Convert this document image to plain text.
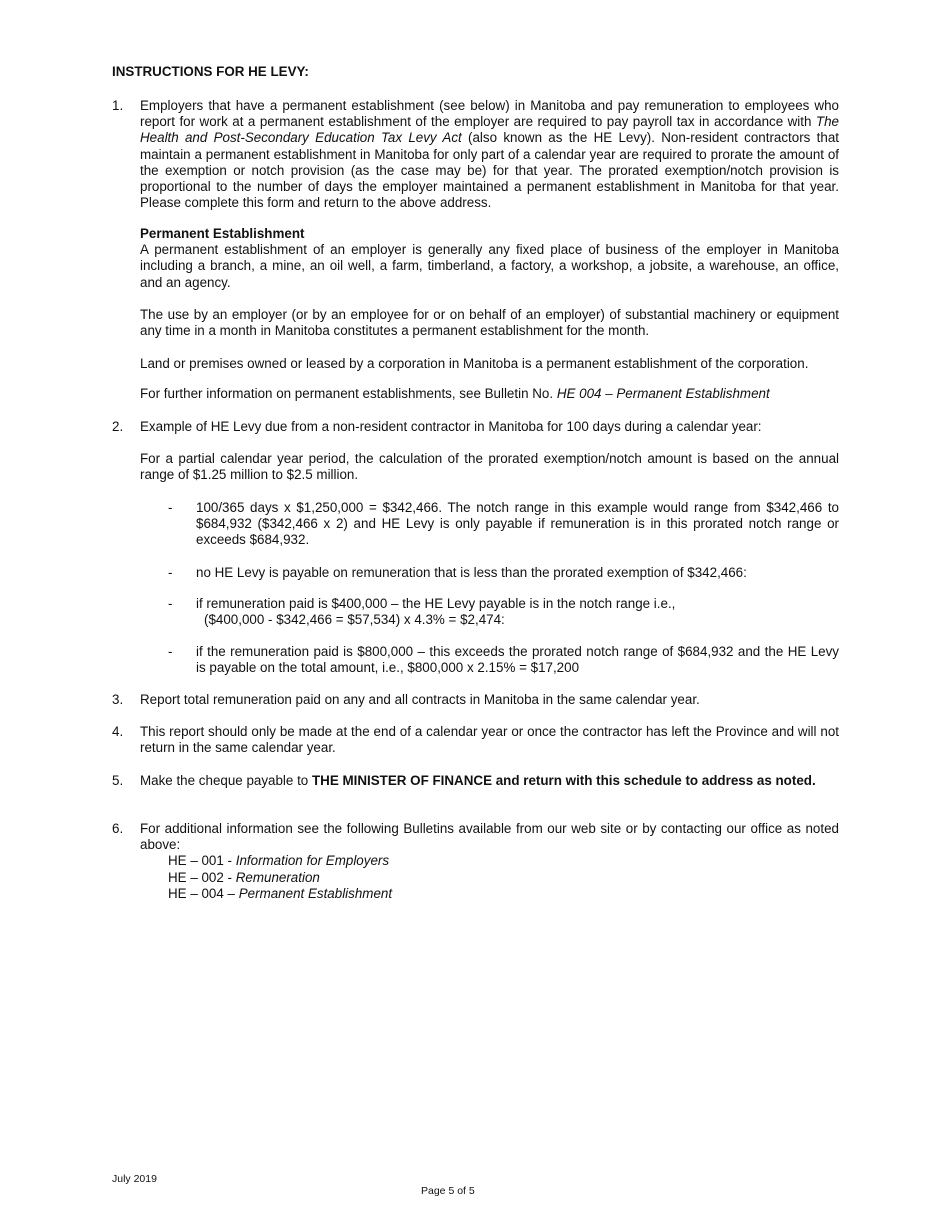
INSTRUCTIONS FOR HE LEVY:
1. Employers that have a permanent establishment (see below) in Manitoba and pay remuneration to employees who report for work at a permanent establishment of the employer are required to pay payroll tax in accordance with The Health and Post-Secondary Education Tax Levy Act (also known as the HE Levy). Non-resident contractors that maintain a permanent establishment in Manitoba for only part of a calendar year are required to prorate the amount of the exemption or notch provision (as the case may be) for that year. The prorated exemption/notch provision is proportional to the number of days the employer maintained a permanent establishment in Manitoba for that year. Please complete this form and return to the above address.

Permanent Establishment

A permanent establishment of an employer is generally any fixed place of business of the employer in Manitoba including a branch, a mine, an oil well, a farm, timberland, a factory, a workshop, a jobsite, a warehouse, an office, and an agency.

The use by an employer (or by an employee for or on behalf of an employer) of substantial machinery or equipment any time in a month in Manitoba constitutes a permanent establishment for the month.

Land or premises owned or leased by a corporation in Manitoba is a permanent establishment of the corporation.

For further information on permanent establishments, see Bulletin No. HE 004 – Permanent Establishment

2. Example of HE Levy due from a non-resident contractor in Manitoba for 100 days during a calendar year:

For a partial calendar year period, the calculation of the prorated exemption/notch amount is based on the annual range of $1.25 million to $2.5 million.

- 100/365 days x $1,250,000 = $342,466. The notch range in this example would range from $342,466 to $684,932 ($342,466 x 2) and HE Levy is only payable if remuneration is in this prorated notch range or exceeds $684,932.

- no HE Levy is payable on remuneration that is less than the prorated exemption of $342,466:

- if remuneration paid is $400,000 – the HE Levy payable is in the notch range i.e.,
($400,000 - $342,466 = $57,534) x 4.3% = $2,474:

- if the remuneration paid is $800,000 – this exceeds the prorated notch range of $684,932 and the HE Levy is payable on the total amount, i.e., $800,000 x 2.15% = $17,200

3. Report total remuneration paid on any and all contracts in Manitoba in the same calendar year.

4. This report should only be made at the end of a calendar year or once the contractor has left the Province and will not return in the same calendar year.

5. Make the cheque payable to THE MINISTER OF FINANCE and return with this schedule to address as noted.

6. For additional information see the following Bulletins available from our web site or by contacting our office as noted above:

HE – 001 - Information for Employers
HE – 002 - Remuneration
HE – 004 – Permanent Establishment
July 2019
Page 5 of 5
